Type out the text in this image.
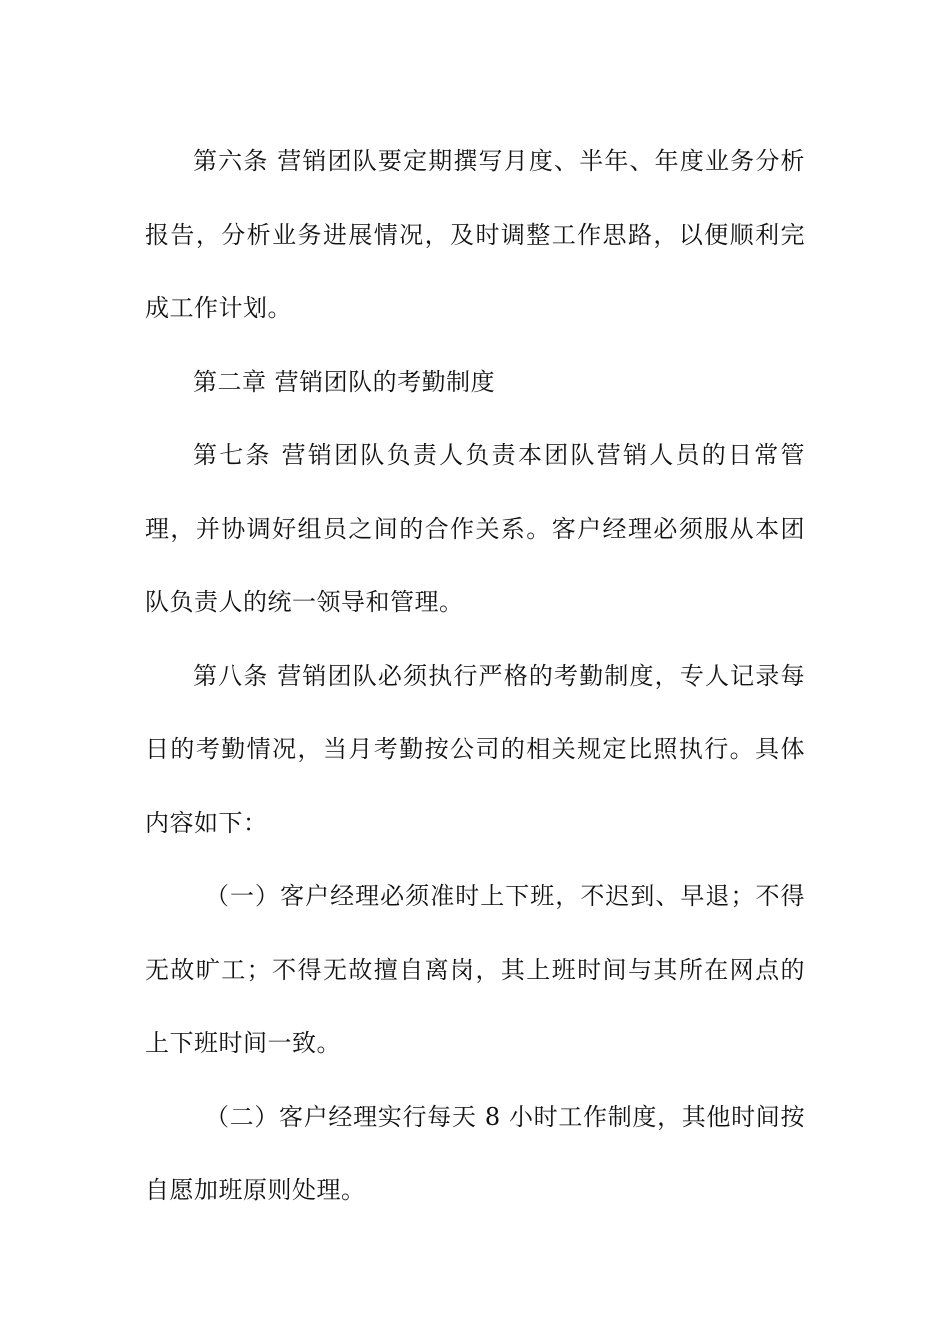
第六条 营销团队要定期撰写月度、半年、年度业务分析报告，分析业务进展情况，及时调整工作思路，以便顺利完成工作计划。

第二章 营销团队的考勤制度

第七条 营销团队负责人负责本团队营销人员的日常管理，并协调好组员之间的合作关系。客户经理必须服从本团队负责人的统一领导和管理。

第八条 营销团队必须执行严格的考勤制度，专人记录每日的考勤情况，当月考勤按公司的相关规定比照执行。具体内容如下：

（一）客户经理必须准时上下班，不迟到、早退；不得无故旷工；不得无故擅自离岗，其上班时间与其所在网点的上下班时间一致。

（二）客户经理实行每天 8 小时工作制度，其他时间按自愿加班原则处理。
